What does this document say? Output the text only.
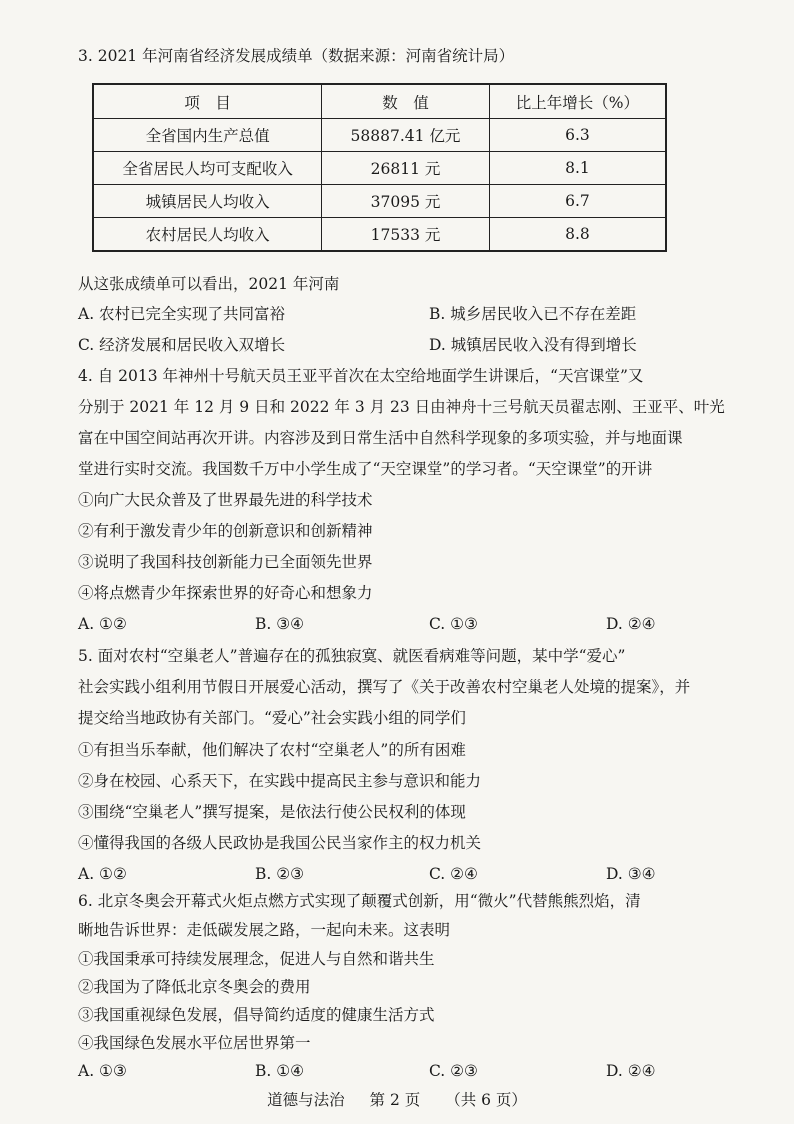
3. 2021 年河南省经济发展成绩单（数据来源：河南省统计局）
项　目	数　值	比上年增长（%）
全省国内生产总值	58887.41 亿元	6.3
全省居民人均可支配收入	26811 元	8.1
城镇居民人均收入	37095 元	6.7
农村居民人均收入	17533 元	8.8
从这张成绩单可以看出，2021 年河南
A. 农村已完全实现了共同富裕	B. 城乡居民收入已不存在差距
C. 经济发展和居民收入双增长	D. 城镇居民收入没有得到增长
4. 自 2013 年神州十号航天员王亚平首次在太空给地面学生讲课后，“天宫课堂”又
分别于 2021 年 12 月 9 日和 2022 年 3 月 23 日由神舟十三号航天员翟志刚、王亚平、叶光
富在中国空间站再次开讲。内容涉及到日常生活中自然科学现象的多项实验，并与地面课
堂进行实时交流。我国数千万中小学生成了“天空课堂”的学习者。“天空课堂”的开讲
①向广大民众普及了世界最先进的科学技术
②有利于激发青少年的创新意识和创新精神
③说明了我国科技创新能力已全面领先世界
④将点燃青少年探索世界的好奇心和想象力
A. ①②	B. ③④	C. ①③	D. ②④
5. 面对农村“空巢老人”普遍存在的孤独寂寞、就医看病难等问题，某中学“爱心”
社会实践小组利用节假日开展爱心活动，撰写了《关于改善农村空巢老人处境的提案》，并
提交给当地政协有关部门。“爱心”社会实践小组的同学们
①有担当乐奉献，他们解决了农村“空巢老人”的所有困难
②身在校园、心系天下，在实践中提高民主参与意识和能力
③围绕“空巢老人”撰写提案，是依法行使公民权利的体现
④懂得我国的各级人民政协是我国公民当家作主的权力机关
A. ①②	B. ②③	C. ②④	D. ③④
6. 北京冬奥会开幕式火炬点燃方式实现了颠覆式创新，用“微火”代替熊熊烈焰，清
晰地告诉世界：走低碳发展之路，一起向未来。这表明
①我国秉承可持续发展理念，促进人与自然和谐共生
②我国为了降低北京冬奥会的费用
③我国重视绿色发展，倡导简约适度的健康生活方式
④我国绿色发展水平位居世界第一
道德与法治 第 2 页 （共 6 页）
A. ①③	B. ①④	C. ②③	D. ②④
